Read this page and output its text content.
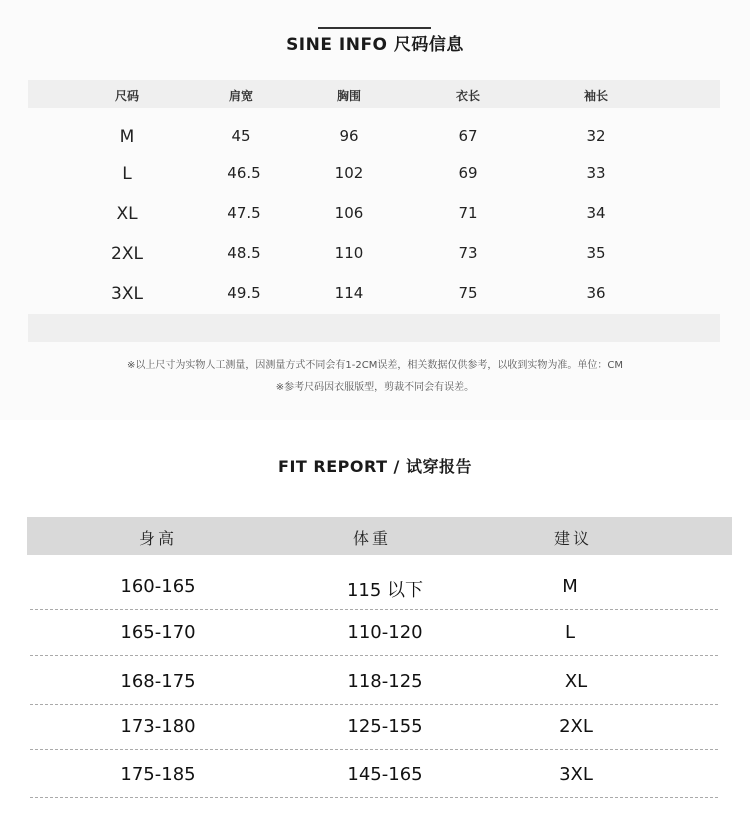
SINE INFO 尺码信息
尺码	肩宽	胸围	衣长	袖长
M	45	96	67	32
L	46.5	102	69	33
XL	47.5	106	71	34
2XL	48.5	110	73	35
3XL	49.5	114	75	36
※以上尺寸为实物人工测量，因测量方式不同会有1-2CM误差，相关数据仅供参考，以收到实物为准。单位：CM
※参考尺码因衣服版型，剪裁不同会有误差。
FIT REPORT / 试穿报告
身高	体重	建议
160-165	115 以下	M
165-170	110-120	L
168-175	118-125	XL
173-180	125-155	2XL
175-185	145-165	3XL
